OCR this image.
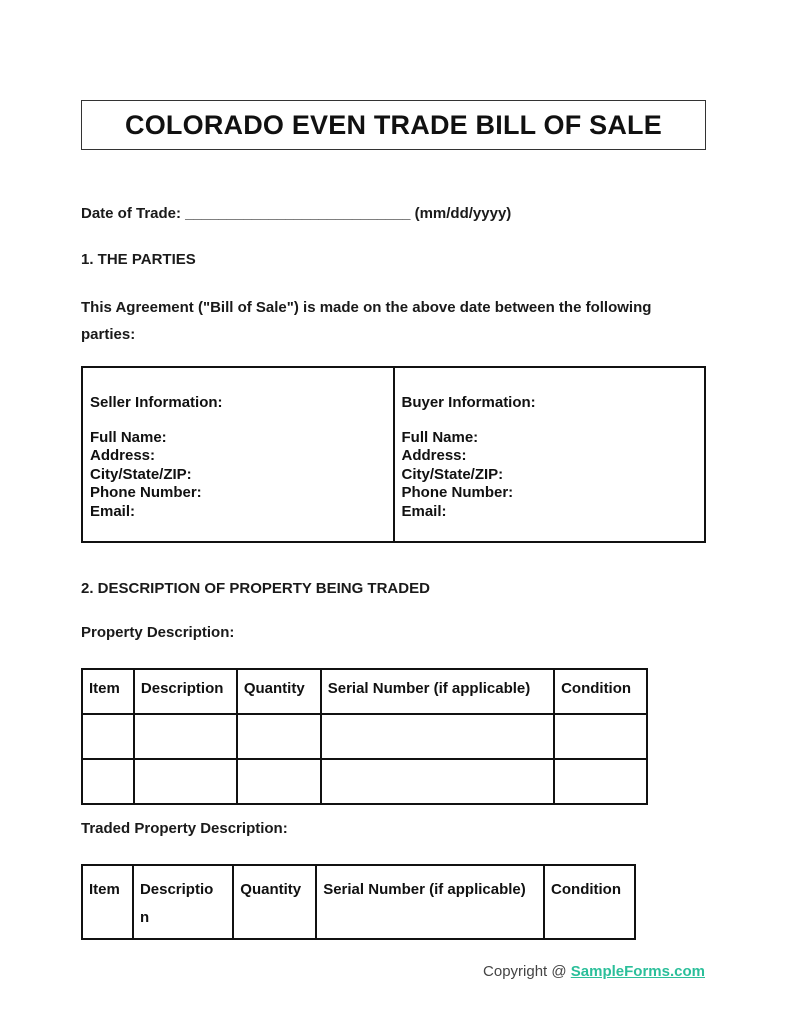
COLORADO EVEN TRADE BILL OF SALE
Date of Trade: ___________________________ (mm/dd/yyyy)
1. THE PARTIES
This Agreement ("Bill of Sale") is made on the above date between the following parties:
Seller Information:
Full Name:
Address:
City/State/ZIP:
Phone Number:
Email:
Buyer Information:
Full Name:
Address:
City/State/ZIP:
Phone Number:
Email:
2. DESCRIPTION OF PROPERTY BEING TRADED
Property Description:
Item	Description	Quantity	Serial Number (if applicable)	Condition

Traded Property Description:
Item	Descriptio n	Quantity	Serial Number (if applicable)	Condition
Copyright @ SampleForms.com
